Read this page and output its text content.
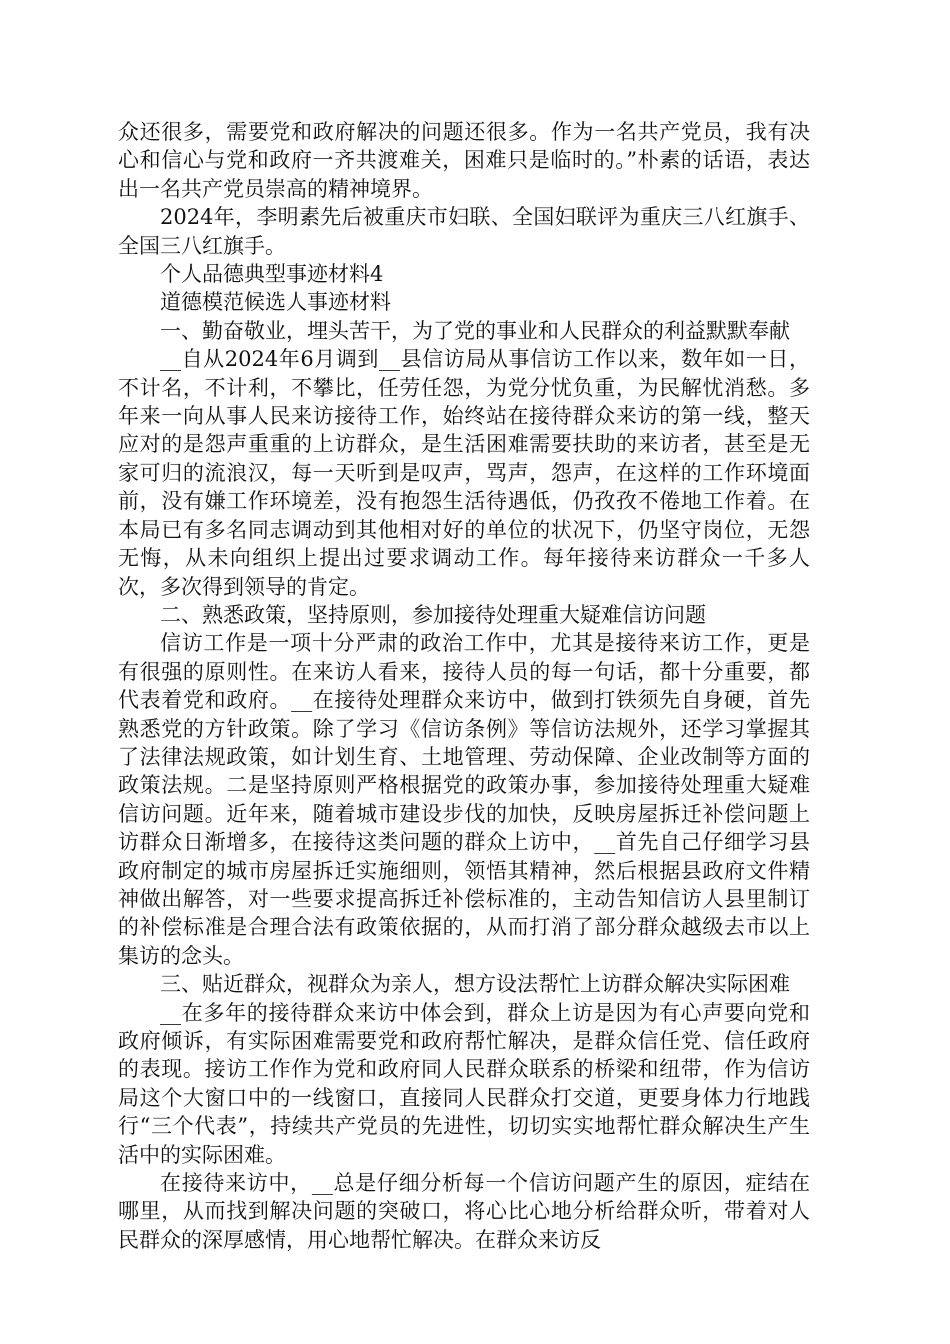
众还很多，需要党和政府解决的问题还很多。作为一名共产党员，我有决心和信心与党和政府一齐共渡难关，困难只是临时的。”朴素的话语，表达出一名共产党员崇高的精神境界。

2024年，李明素先后被重庆市妇联、全国妇联评为重庆三八红旗手、全国三八红旗手。

个人品德典型事迹材料4

道德模范候选人事迹材料

一、勤奋敬业，埋头苦干，为了党的事业和人民群众的利益默默奉献

__自从2024年6月调到__县信访局从事信访工作以来，数年如一日，不计名，不计利，不攀比，任劳任怨，为党分忧负重，为民解忧消愁。多年来一向从事人民来访接待工作，始终站在接待群众来访的第一线，整天应对的是怨声重重的上访群众，是生活困难需要扶助的来访者，甚至是无家可归的流浪汉，每一天听到是叹声，骂声，怨声，在这样的工作环境面前，没有嫌工作环境差，没有抱怨生活待遇低，仍孜孜不倦地工作着。在本局已有多名同志调动到其他相对好的单位的状况下，仍坚守岗位，无怨无悔，从未向组织上提出过要求调动工作。每年接待来访群众一千多人次，多次得到领导的肯定。

二、熟悉政策，坚持原则，参加接待处理重大疑难信访问题

信访工作是一项十分严肃的政治工作中，尤其是接待来访工作，更是有很强的原则性。在来访人看来，接待人员的每一句话，都十分重要，都代表着党和政府。__在接待处理群众来访中，做到打铁须先自身硬，首先熟悉党的方针政策。除了学习《信访条例》等信访法规外，还学习掌握其了法律法规政策，如计划生育、土地管理、劳动保障、企业改制等方面的政策法规。二是坚持原则严格根据党的政策办事，参加接待处理重大疑难信访问题。近年来，随着城市建设步伐的加快，反映房屋拆迁补偿问题上访群众日渐增多，在接待这类问题的群众上访中，__首先自己仔细学习县政府制定的城市房屋拆迁实施细则，领悟其精神，然后根据县政府文件精神做出解答，对一些要求提高拆迁补偿标准的，主动告知信访人县里制订的补偿标准是合理合法有政策依据的，从而打消了部分群众越级去市以上集访的念头。

三、贴近群众，视群众为亲人，想方设法帮忙上访群众解决实际困难

__在多年的接待群众来访中体会到，群众上访是因为有心声要向党和政府倾诉，有实际困难需要党和政府帮忙解决，是群众信任党、信任政府的表现。接访工作作为党和政府同人民群众联系的桥梁和纽带，作为信访局这个大窗口中的一线窗口，直接同人民群众打交道，更要身体力行地践行“三个代表”，持续共产党员的先进性，切切实实地帮忙群众解决生产生活中的实际困难。

在接待来访中，__总是仔细分析每一个信访问题产生的原因，症结在哪里，从而找到解决问题的突破口，将心比心地分析给群众听，带着对人民群众的深厚感情，用心地帮忙解决。在群众来访反
